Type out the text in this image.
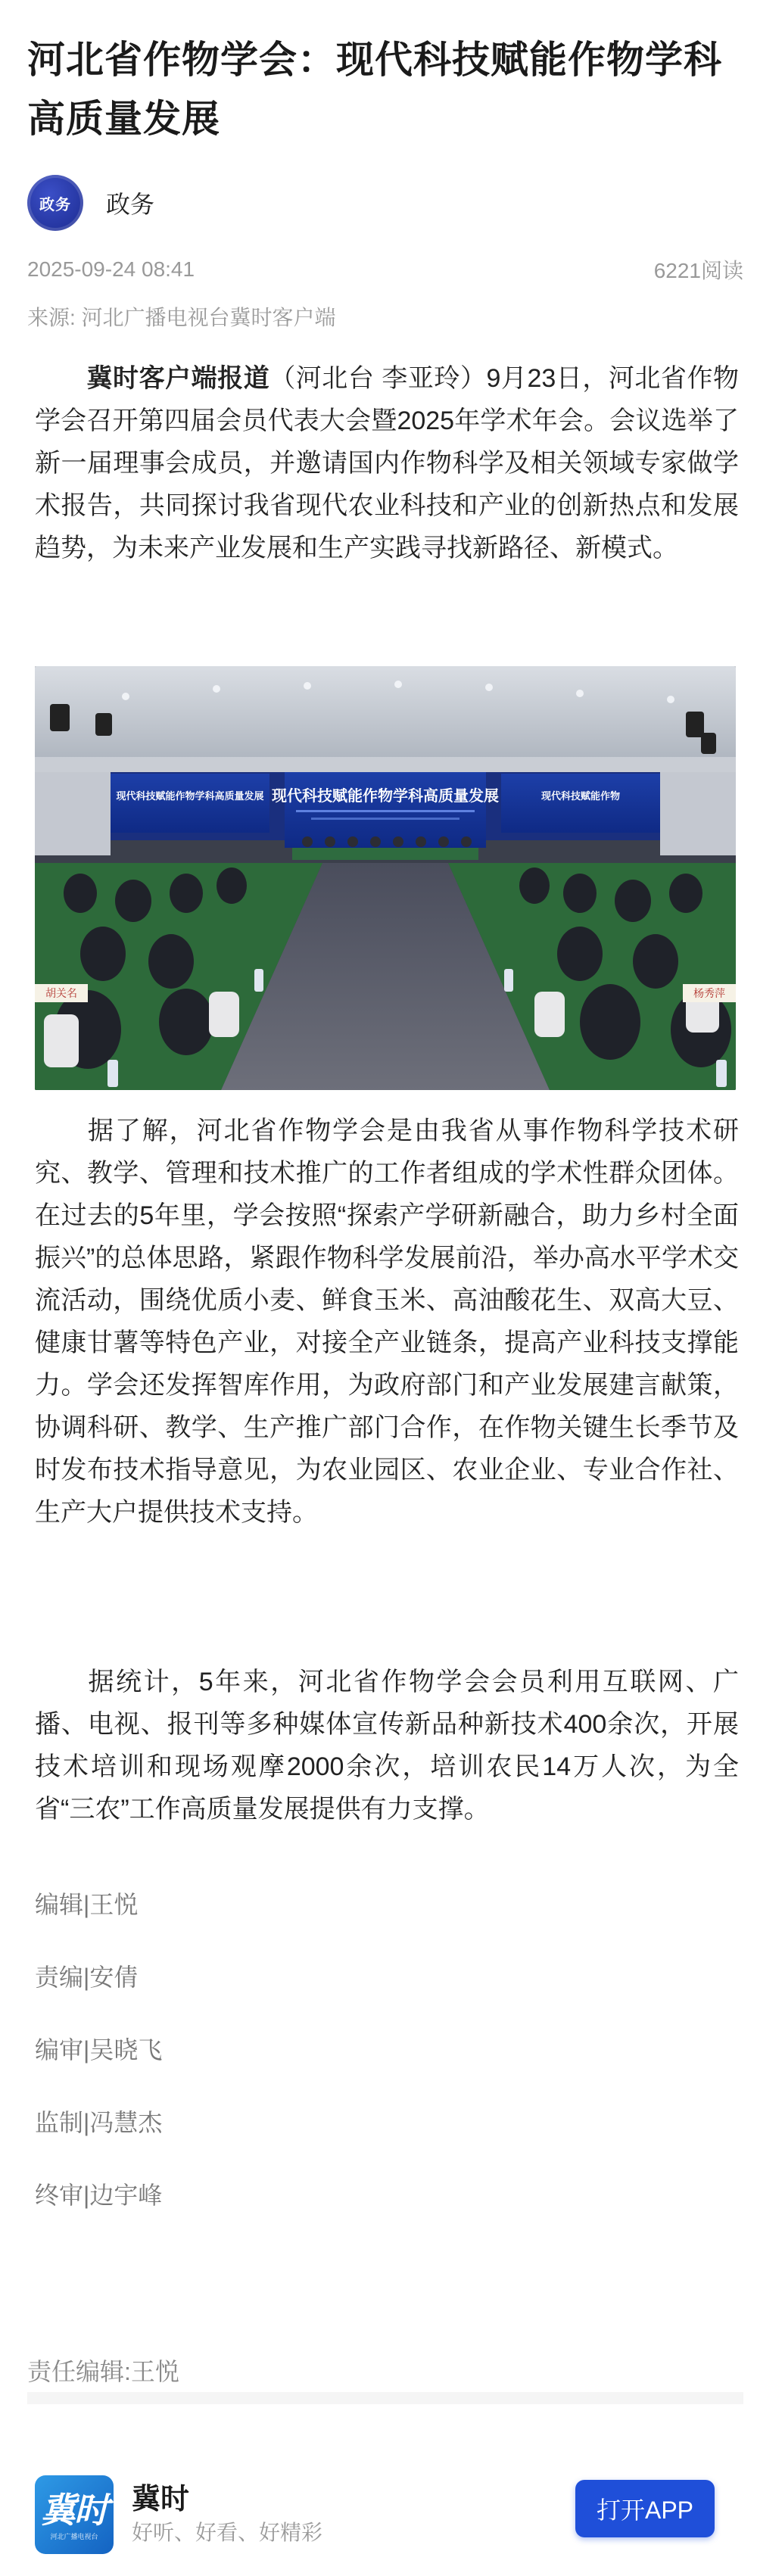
河北省作物学会：现代科技赋能作物学科高质量发展
政务	政务
2025-09-24 08:41	6221阅读
来源: 河北广播电视台冀时客户端

冀时客户端报道（河北台 李亚玲）9月23日，河北省作物学会召开第四届会员代表大会暨2025年学术年会。会议选举了新一届理事会成员，并邀请国内作物科学及相关领域专家做学术报告，共同探讨我省现代农业科技和产业的创新热点和发展趋势，为未来产业发展和生产实践寻找新路径、新模式。

现代科技赋能作物学科高质量发展
现代科技赋能作物学科高质量发展	现代科技赋能作物
胡关名	杨秀萍

据了解，河北省作物学会是由我省从事作物科学技术研究、教学、管理和技术推广的工作者组成的学术性群众团体。在过去的5年里，学会按照“探索产学研新融合，助力乡村全面振兴”的总体思路，紧跟作物科学发展前沿，举办高水平学术交流活动，围绕优质小麦、鲜食玉米、高油酸花生、双高大豆、健康甘薯等特色产业，对接全产业链条，提高产业科技支撑能力。学会还发挥智库作用，为政府部门和产业发展建言献策，协调科研、教学、生产推广部门合作，在作物关键生长季节及时发布技术指导意见，为农业园区、农业企业、专业合作社、生产大户提供技术支持。

据统计，5年来，河北省作物学会会员利用互联网、广播、电视、报刊等多种媒体宣传新品种新技术400余次，开展技术培训和现场观摩2000余次，培训农民14万人次，为全省“三农”工作高质量发展提供有力支撑。

编辑|王悦
责编|安倩
编审|吴晓飞
监制|冯慧杰
终审|边宇峰
责任编辑:王悦
冀时
河北广播电视台
冀时
好听、好看、好精彩
打开APP
